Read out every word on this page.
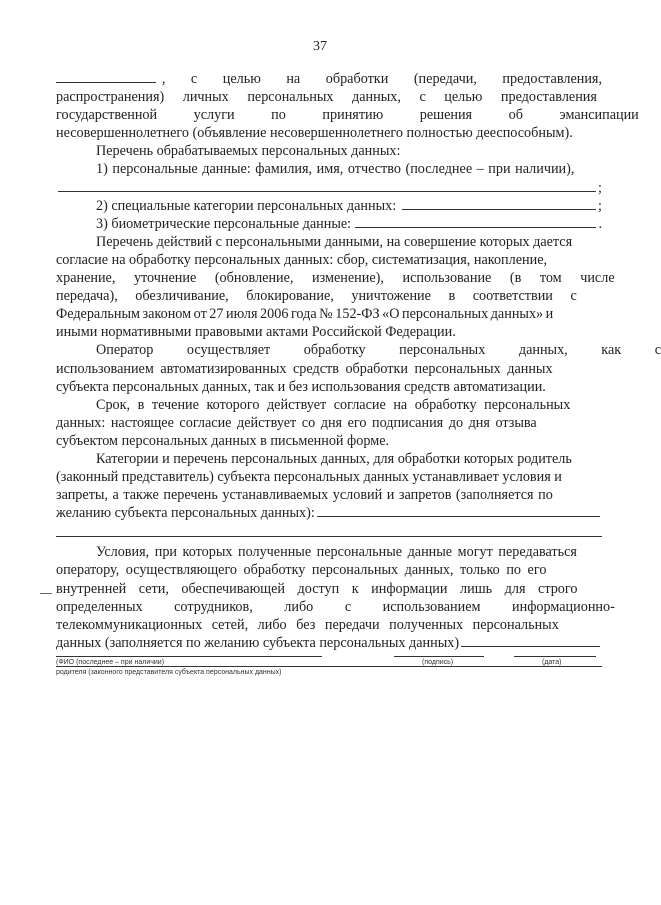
37
, с целью на обработки (передачи, предоставления,
распространения) личных персональных данных, с целью предоставления
государственной услуги по принятию решения об эмансипации
несовершеннолетнего (объявление несовершеннолетнего полностью дееспособным).
Перечень обрабатываемых персональных данных:
1) персональные данные: фамилия, имя, отчество (последнее – при наличии),
;
2) специальные категории персональных данных:	;
3) биометрические персональные данные:	.
Перечень действий с персональными данными, на совершение которых дается
согласие на обработку персональных данных: сбор, систематизация, накопление,
хранение, уточнение (обновление, изменение), использование (в том числе
передача), обезличивание, блокирование, уничтожение в соответствии с
Федеральным законом от 27 июля 2006 года № 152-ФЗ «О персональных данных» и
иными нормативными правовыми актами Российской Федерации.
Оператор осуществляет обработку персональных данных, как с
использованием автоматизированных средств обработки персональных данных
субъекта персональных данных, так и без использования средств автоматизации.
Срок, в течение которого действует согласие на обработку персональных
данных: настоящее согласие действует со дня его подписания до дня отзыва
субъектом персональных данных в письменной форме.
Категории и перечень персональных данных, для обработки которых родитель
(законный представитель) субъекта персональных данных устанавливает условия и
запреты, а также перечень устанавливаемых условий и запретов (заполняется по
желанию субъекта персональных данных):
Условия, при которых полученные персональные данные могут передаваться
оператору, осуществляющего обработку персональных данных, только по его
внутренней сети, обеспечивающей доступ к информации лишь для строго
определенных сотрудников, либо с использованием информационно-
телекоммуникационных сетей, либо без передачи полученных персональных
данных (заполняется по желанию субъекта персональных данных)
(ФИО (последнее – при наличии)
родителя (законного представителя субъекта персональных данных)
(подпись)	(дата)
